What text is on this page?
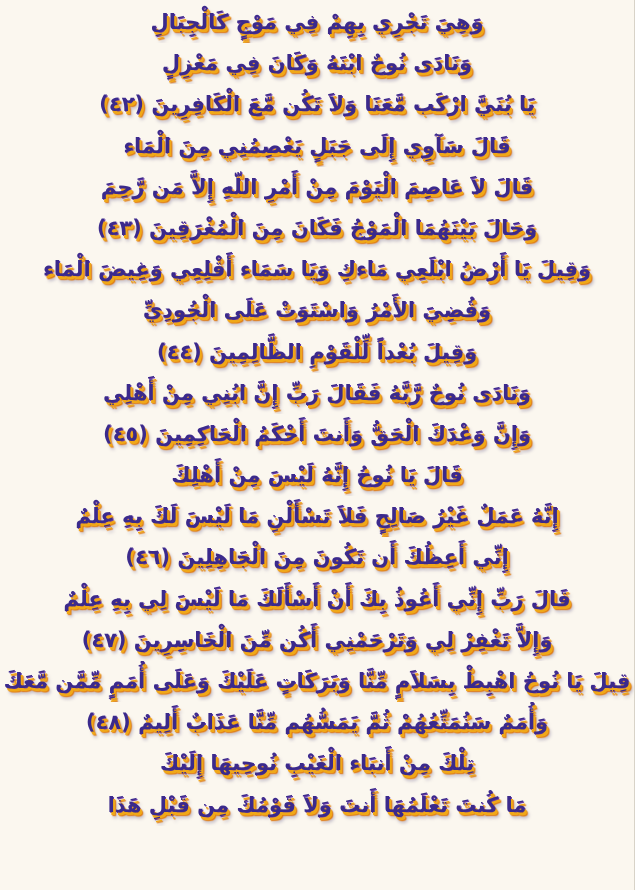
وَهِيَ تَجْرِي بِهِمْ فِي مَوْجٍ كَالْجِبَالِ
وَنَادَى نُوحٌ ابْنَهُ وَكَانَ فِي مَعْزِلٍ
يَا بُنَيَّ ارْكَب مَّعَنَا وَلاَ تَكُن مَّعَ الْكَافِرِينَ (٤٢)
قَالَ سَآوِي إِلَى جَبَلٍ يَعْصِمُنِي مِنَ الْمَاء
قَالَ لاَ عَاصِمَ الْيَوْمَ مِنْ أَمْرِ اللّهِ إِلاَّ مَن رَّحِمَ
وَحَالَ بَيْنَهُمَا الْمَوْجُ فَكَانَ مِنَ الْمُغْرَقِينَ (٤٣)
وَقِيلَ يَا أَرْضُ ابْلَعِي مَاءكِ وَيَا سَمَاء أَقْلِعِي وَغِيضَ الْمَاء
وَقُضِيَ الأَمْرُ وَاسْتَوَتْ عَلَى الْجُودِيِّ
وَقِيلَ بُعْداً لِّلْقَوْمِ الظَّالِمِينَ (٤٤)
وَنَادَى نُوحٌ رَّبَّهُ فَقَالَ رَبِّ إِنَّ ابُنِي مِنْ أَهْلِي
وَإِنَّ وَعْدَكَ الْحَقُّ وَأَنتَ أَحْكَمُ الْحَاكِمِينَ (٤٥)
قَالَ يَا نُوحُ إِنَّهُ لَيْسَ مِنْ أَهْلِكَ
إِنَّهُ عَمَلٌ غَيْرُ صَالِحٍ فَلاَ تَسْأَلْنِ مَا لَيْسَ لَكَ بِهِ عِلْمٌ
إِنِّي أَعِظُكَ أَن تَكُونَ مِنَ الْجَاهِلِينَ (٤٦)
قَالَ رَبِّ إِنِّي أَعُوذُ بِكَ أَنْ أَسْأَلَكَ مَا لَيْسَ لِي بِهِ عِلْمٌ
وَإِلاَّ تَغْفِرْ لِي وَتَرْحَمْنِي أَكُن مِّنَ الْخَاسِرِينَ (٤٧)
قِيلَ يَا نُوحُ اهْبِطْ بِسَلاَمٍ مِّنَّا وَبَرَكَاتٍ عَلَيْكَ وَعَلَى أُمَمٍ مِّمَّن مَّعَكَ
وَأُمَمٌ سَنُمَتِّعُهُمْ ثُمَّ يَمَسُّهُم مِّنَّا عَذَابٌ أَلِيمٌ (٤٨)
تِلْكَ مِنْ أَنبَاء الْغَيْبِ نُوحِيهَا إِلَيْكَ
مَا كُنتَ تَعْلَمُهَا أَنتَ وَلاَ قَوْمُكَ مِن قَبْلِ هَذَا
